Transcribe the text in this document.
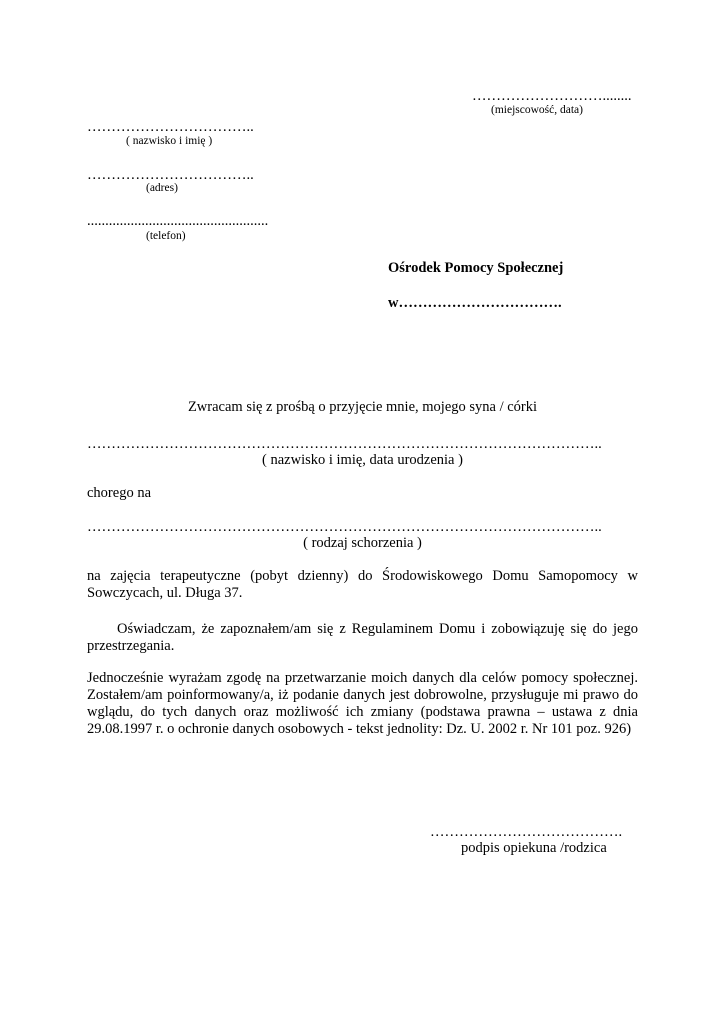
………………………........
(miejscowość, data)
……………………………..
( nazwisko i imię )
……………………………..
(adres)
..................................................
(telefon)
Ośrodek Pomocy Społecznej
w…………………………….
Zwracam się z prośbą o przyjęcie mnie, mojego syna / córki
……………………………………………………………………………………………..
( nazwisko i imię, data urodzenia )
chorego na
……………………………………………………………………………………………..
( rodzaj schorzenia )
na zajęcia terapeutyczne (pobyt dzienny) do Środowiskowego Domu Samopomocy w Sowczycach, ul. Długa 37.
Oświadczam, że zapoznałem/am się z Regulaminem Domu i zobowiązuję się do jego przestrzegania.
Jednocześnie wyrażam zgodę na przetwarzanie moich danych dla celów pomocy społecznej. Zostałem/am poinformowany/a, iż podanie danych jest dobrowolne, przysługuje mi prawo do wglądu, do tych danych oraz możliwość ich zmiany (podstawa prawna – ustawa z dnia 29.08.1997 r. o ochronie danych osobowych - tekst jednolity: Dz. U. 2002 r. Nr 101 poz. 926)
………………………………….
podpis opiekuna /rodzica
